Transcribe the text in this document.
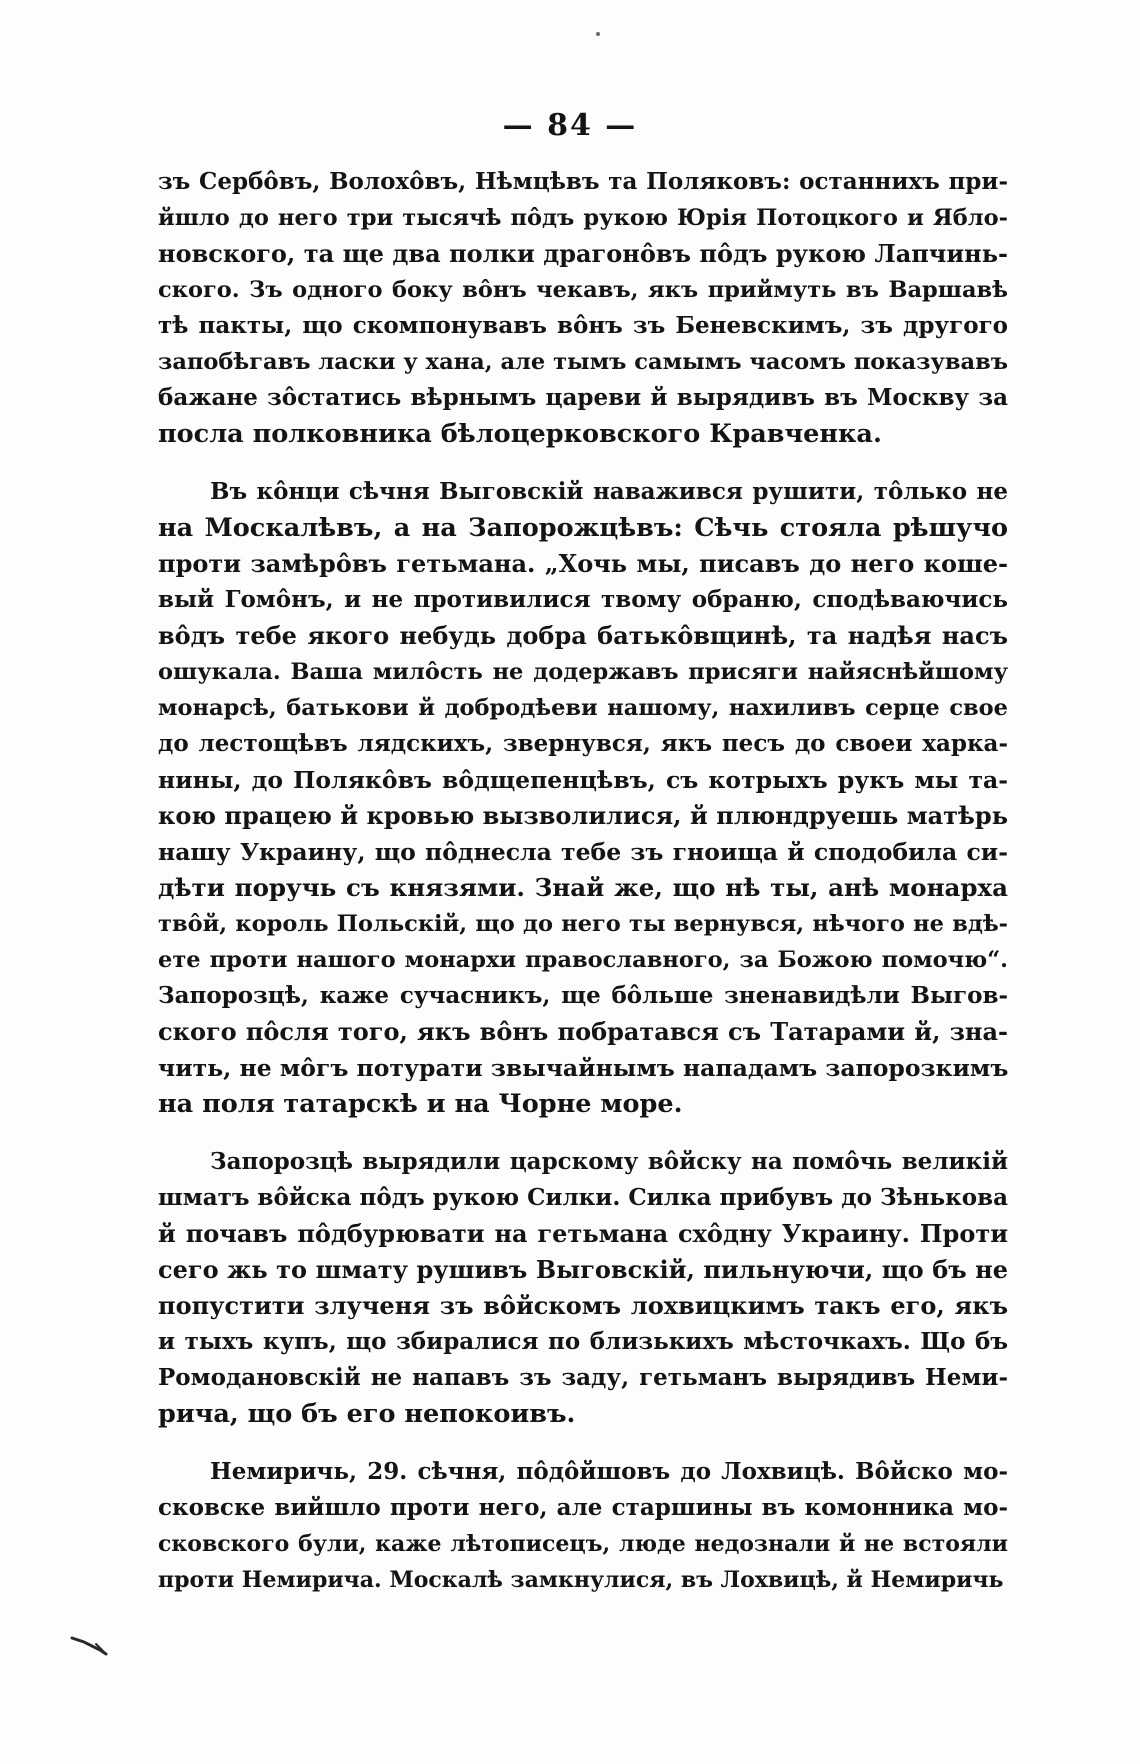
— 84 —
зъ Сербôвъ, Волохôвъ, Нѣмцѣвъ та Поляковъ: останнихъ при-
йшло до него три тысячѣ пôдъ рукою Юрія Потоцкого и Ябло-
новского, та ще два полки драгонôвъ пôдъ рукою Лапчинь-
ского. Зъ одного боку вôнъ чекавъ, якъ приймуть въ Варшавѣ
тѣ пакты, що скомпонувавъ вôнъ зъ Беневскимъ, зъ другого
запобѣгавъ ласки у хана, але тымъ самымъ часомъ показувавъ
бажане зôстатись вѣрнымъ цареви й вырядивъ въ Москву за
посла полковника бѣлоцерковского Кравченка.
Въ кôнци сѣчня Выговскій наважився рушити, тôлько не
на Москалѣвъ, а на Запорожцѣвъ: Сѣчь стояла рѣшучо
проти замѣрôвъ гетьмана. „Хочь мы, писавъ до него коше-
вый Гомôнъ, и не противилися твому обраню, сподѣваючись
вôдъ тебе якого небудь добра батькôвщинѣ, та надѣя насъ
ошукала. Ваша милôсть не додержавъ присяги найяснѣйшому
монарсѣ, батькови й добродѣеви нашому, нахиливъ серце свое
до лестощѣвъ лядскихъ, звернувся, якъ песъ до своеи харка-
нины, до Полякôвъ вôдщепенцѣвъ, съ котрыхъ рукъ мы та-
кою працею й кровью вызволилися, й плюндруешь матѣрь
нашу Украину, що пôднесла тебе зъ гноища й сподобила си-
дѣти поручь съ князями. Знай же, що нѣ ты, анѣ монарха
твôй, король Польскій, що до него ты вернувся, нѣчого не вдѣ-
ете проти нашого монархи православного, за Божою помочю“.
Запорозцѣ, каже сучасникъ, ще бôльше зненавидѣли Выгов-
ского пôсля того, якъ вôнъ побратався съ Татарами й, зна-
чить, не мôгъ потурати звычайнымъ нападамъ запорозкимъ
на поля татарскѣ и на Чорне море.
Запорозцѣ вырядили царскому вôйску на помôчь великій
шматъ вôйска пôдъ рукою Силки. Силка прибувъ до Зѣнькова
й почавъ пôдбурювати на гетьмана схôдну Украину. Проти
сего жь то шмату рушивъ Выговскій, пильнуючи, що бъ не
попустити злученя зъ вôйскомъ лохвицкимъ такъ его, якъ
и тыхъ купъ, що збиралися по близькихъ мѣсточкахъ. Що бъ
Ромодановскій не напавъ зъ заду, гетьманъ вырядивъ Неми-
рича, що бъ его непокоивъ.
Немиричь, 29. сѣчня, пôдôйшовъ до Лохвицѣ. Вôйско мо-
сковске вийшло проти него, але старшины въ комонника мо-
сковского були, каже лѣтописецъ, люде недознали й не встояли
проти Немирича. Москалѣ замкнулися, въ Лохвицѣ, й Немиричь
